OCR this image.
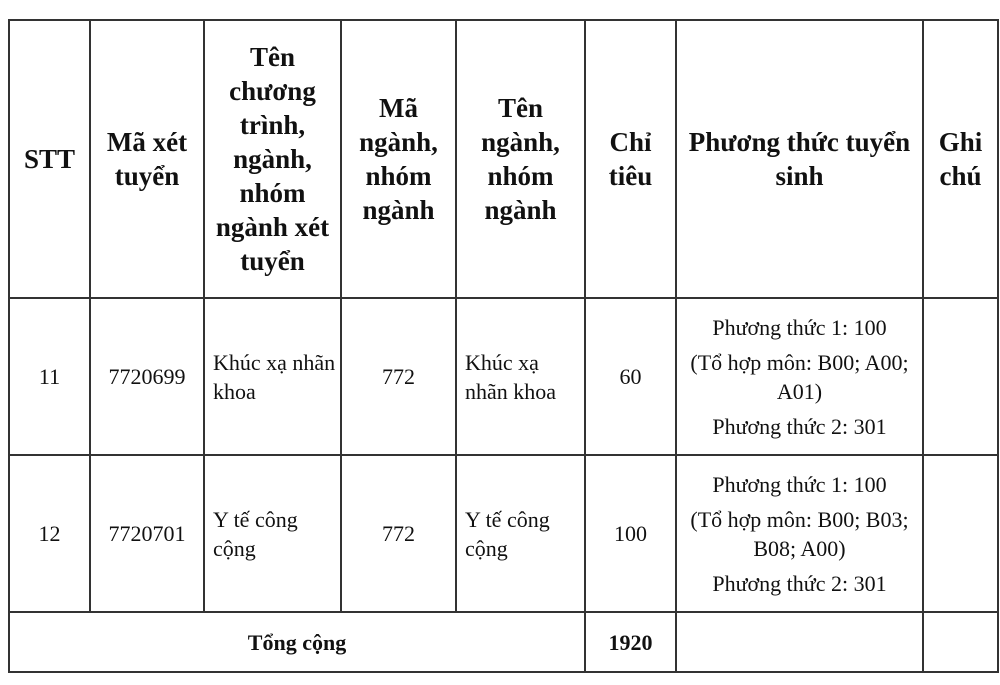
STT	Mã xét tuyển	Tên chương trình, ngành, nhóm ngành xét tuyển	Mã ngành, nhóm ngành	Tên ngành, nhóm ngành	Chỉ tiêu	Phương thức tuyển sinh	Ghi chú
11	7720699	Khúc xạ nhãn khoa	772	Khúc xạ nhãn khoa	60	Phương thức 1: 100
(Tổ hợp môn: B00; A00; A01)
Phương thức 2: 301	

12	7720701	Y tế công cộng	772	Y tế công cộng	100	Phương thức 1: 100
(Tổ hợp môn: B00; B03; B08; A00)
Phương thức 2: 301	

Tổng cộng					1920		
